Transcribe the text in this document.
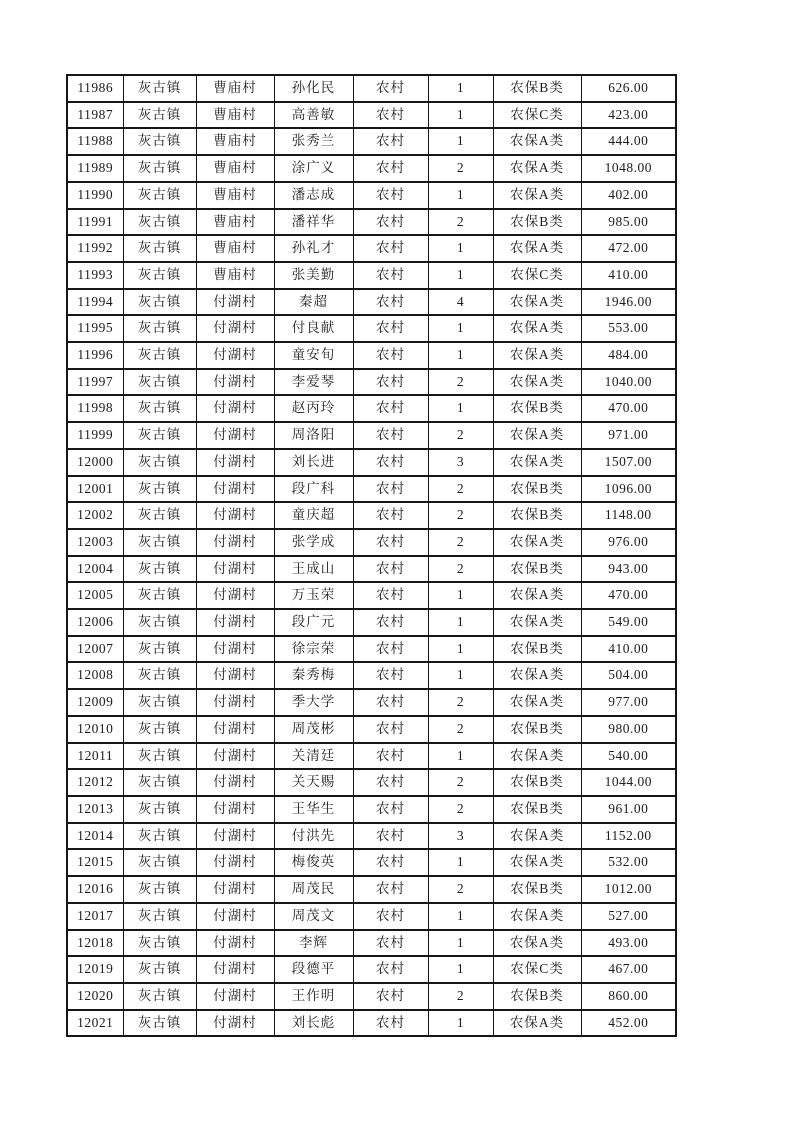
11986	灰古镇	曹庙村	孙化民	农村	1	农保B类	626.00
11987	灰古镇	曹庙村	高善敏	农村	1	农保C类	423.00
11988	灰古镇	曹庙村	张秀兰	农村	1	农保A类	444.00
11989	灰古镇	曹庙村	涂广义	农村	2	农保A类	1048.00
11990	灰古镇	曹庙村	潘志成	农村	1	农保A类	402.00
11991	灰古镇	曹庙村	潘祥华	农村	2	农保B类	985.00
11992	灰古镇	曹庙村	孙礼才	农村	1	农保A类	472.00
11993	灰古镇	曹庙村	张美勤	农村	1	农保C类	410.00
11994	灰古镇	付湖村	秦超	农村	4	农保A类	1946.00
11995	灰古镇	付湖村	付良献	农村	1	农保A类	553.00
11996	灰古镇	付湖村	童安旬	农村	1	农保A类	484.00
11997	灰古镇	付湖村	李爱琴	农村	2	农保A类	1040.00
11998	灰古镇	付湖村	赵丙玲	农村	1	农保B类	470.00
11999	灰古镇	付湖村	周洛阳	农村	2	农保A类	971.00
12000	灰古镇	付湖村	刘长进	农村	3	农保A类	1507.00
12001	灰古镇	付湖村	段广科	农村	2	农保B类	1096.00
12002	灰古镇	付湖村	童庆超	农村	2	农保B类	1148.00
12003	灰古镇	付湖村	张学成	农村	2	农保A类	976.00
12004	灰古镇	付湖村	王成山	农村	2	农保B类	943.00
12005	灰古镇	付湖村	万玉荣	农村	1	农保A类	470.00
12006	灰古镇	付湖村	段广元	农村	1	农保A类	549.00
12007	灰古镇	付湖村	徐宗荣	农村	1	农保B类	410.00
12008	灰古镇	付湖村	秦秀梅	农村	1	农保A类	504.00
12009	灰古镇	付湖村	季大学	农村	2	农保A类	977.00
12010	灰古镇	付湖村	周茂彬	农村	2	农保B类	980.00
12011	灰古镇	付湖村	关清廷	农村	1	农保A类	540.00
12012	灰古镇	付湖村	关天赐	农村	2	农保B类	1044.00
12013	灰古镇	付湖村	王华生	农村	2	农保B类	961.00
12014	灰古镇	付湖村	付洪先	农村	3	农保A类	1152.00
12015	灰古镇	付湖村	梅俊英	农村	1	农保A类	532.00
12016	灰古镇	付湖村	周茂民	农村	2	农保B类	1012.00
12017	灰古镇	付湖村	周茂文	农村	1	农保A类	527.00
12018	灰古镇	付湖村	李辉	农村	1	农保A类	493.00
12019	灰古镇	付湖村	段德平	农村	1	农保C类	467.00
12020	灰古镇	付湖村	王作明	农村	2	农保B类	860.00
12021	灰古镇	付湖村	刘长彪	农村	1	农保A类	452.00
